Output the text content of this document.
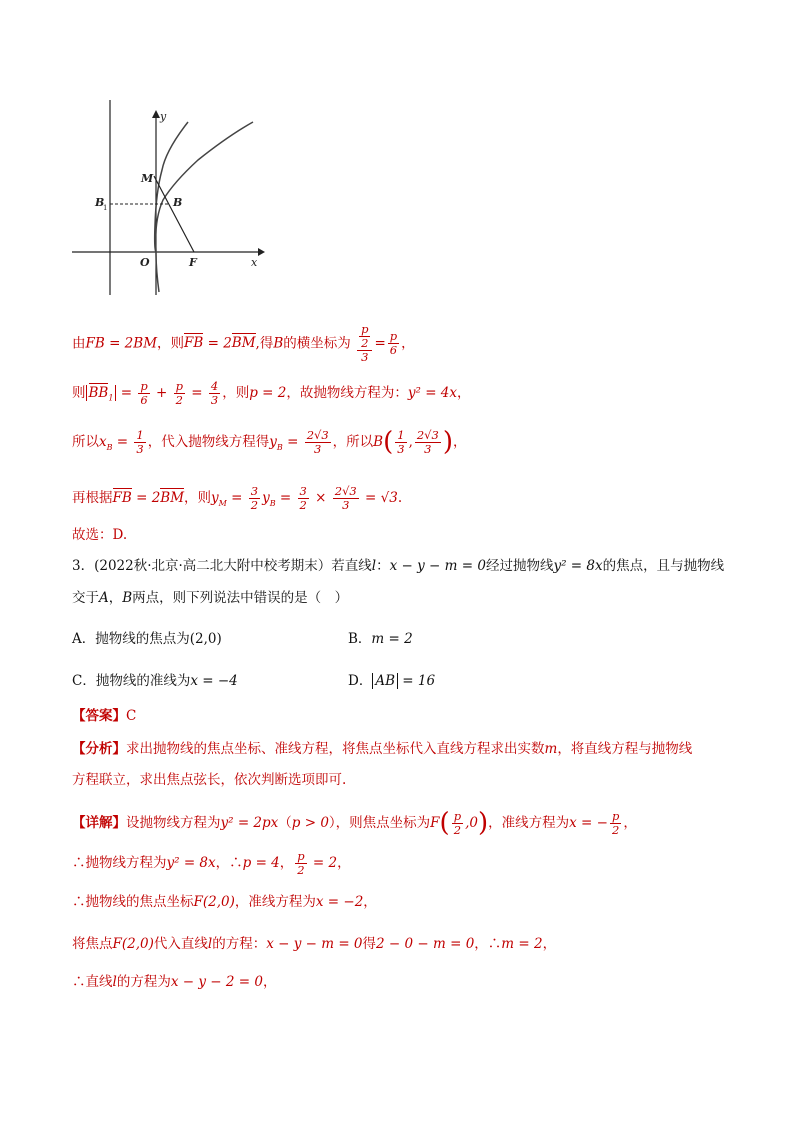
y
x
M
B
1	B
O	F
由FB = 2BM，则FB = 2BM,得B的横坐标为 $\frac{\frac{p}{2}}{3} = \frac{p}{6}$ ，
则 $BB_1 = \frac{p}{6} + \frac{p}{2} = \frac{4}{3}$ ，则p = 2，故抛物线方程为：y² = 4x，
所以$x_B = \frac{1}{3}$ ，代入抛物线方程得$y_B = \frac{2√3}{3}$ ，所以$B( \frac{1}{3}$ , $\frac{2√3}{3}$ )，
再根据FB = 2BM，则$y_M = \frac{3}{2} y_B = \frac{3}{2} \times \frac{2√3}{3} = √3$.
故选：D.
3．(2022秋·北京·高二北大附中校考期末）若直线l：x − y − m = 0经过抛物线y² = 8x的焦点，且与抛物线
交于A，B两点，则下列说法中错误的是（　）
A．抛物线的焦点为(2,0)	B．m = 2
C．抛物线的准线为x = −4	D． AB = 16
【答案】C
【分析】求出抛物线的焦点坐标、准线方程，将焦点坐标代入直线方程求出实数m，将直线方程与抛物线
方程联立，求出焦点弦长，依次判断选项即可.
【详解】设抛物线方程为y² = 2px（p > 0），则焦点坐标为$F( \frac{p}{2} ,0)$，准线方程为x = − $\frac{p}{2}$ ，
∴抛物线方程为y² = 8x，∴p = 4， $\frac{p}{2} = 2$，
∴抛物线的焦点坐标F(2,0)，准线方程为x = −2，
将焦点F(2,0)代入直线l的方程：x − y − m = 0得2 − 0 − m = 0，∴m = 2，
∴直线l的方程为x − y − 2 = 0，
